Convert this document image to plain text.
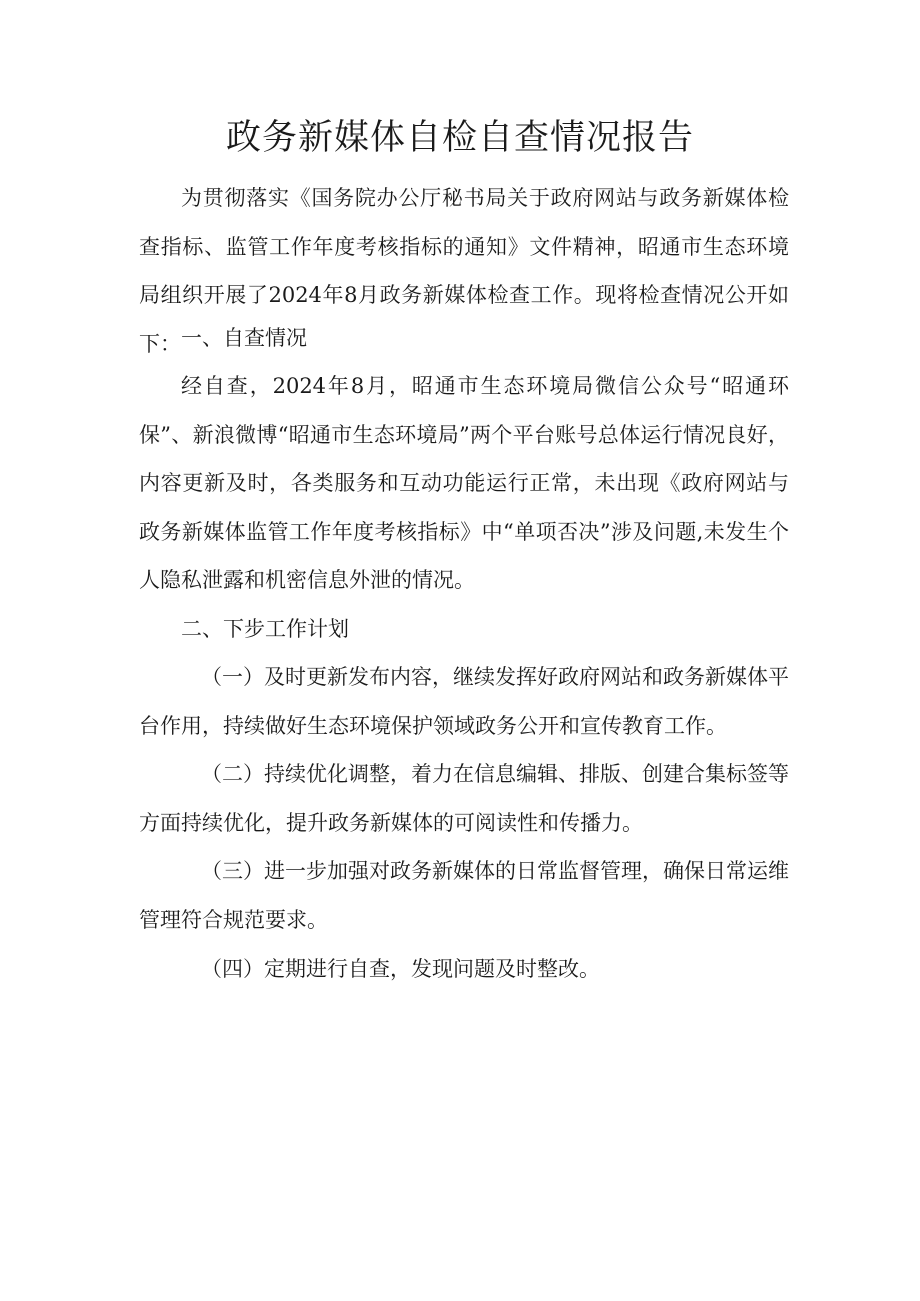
政务新媒体自检自查情况报告

为贯彻落实《国务院办公厅秘书局关于政府网站与政务新媒体检查指标、监管工作年度考核指标的通知》文件精神，昭通市生态环境局组织开展了2024年8月政务新媒体检查工作。现将检查情况公开如下： 一、自查情况

经自查，2024年8月，昭通市生态环境局微信公众号“昭通环保”、新浪微博“昭通市生态环境局”两个平台账号总体运行情况良好，内容更新及时，各类服务和互动功能运行正常，未出现《政府网站与政务新媒体监管工作年度考核指标》中“单项否决”涉及问题,未发生个人隐私泄露和机密信息外泄的情况。

二、下步工作计划

（一）及时更新发布内容，继续发挥好政府网站和政务新媒体平台作用，持续做好生态环境保护领域政务公开和宣传教育工作。

（二）持续优化调整，着力在信息编辑、排版、创建合集标签等方面持续优化，提升政务新媒体的可阅读性和传播力。

（三）进一步加强对政务新媒体的日常监督管理，确保日常运维管理符合规范要求。

（四）定期进行自查，发现问题及时整改。
